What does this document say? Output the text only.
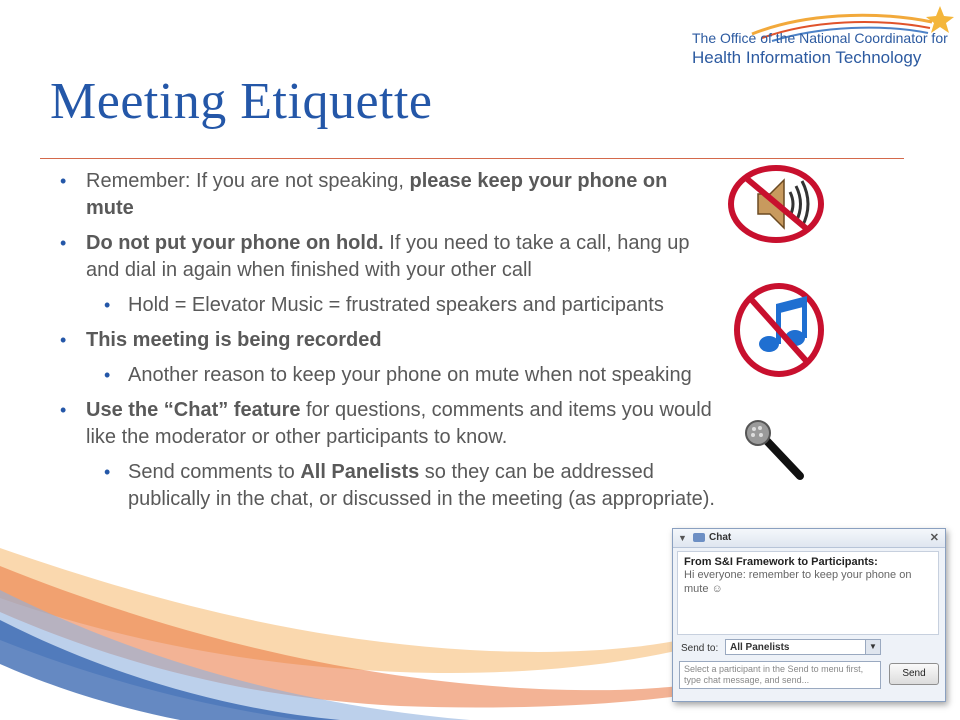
The Office of the National Coordinator for
Health Information Technology
Meeting Etiquette
• Remember: If you are not speaking, please keep your phone on mute
• Do not put your phone on hold. If you need to take a call, hang up and dial in again when finished with your other call
• Hold = Elevator Music = frustrated speakers and participants
• This meeting is being recorded
• Another reason to keep your phone on mute when not speaking
• Use the “Chat” feature for questions, comments and items you would like the moderator or other participants to know.
• Send comments to All Panelists so they can be addressed publically in the chat, or discussed in the meeting (as appropriate).
▼ Chat	✕
From S&I Framework to Participants:
Hi everyone: remember to keep your phone on mute ☺
Send to:	All Panelists	▼
Select a participant in the Send to menu first, type chat message, and send...
Send
